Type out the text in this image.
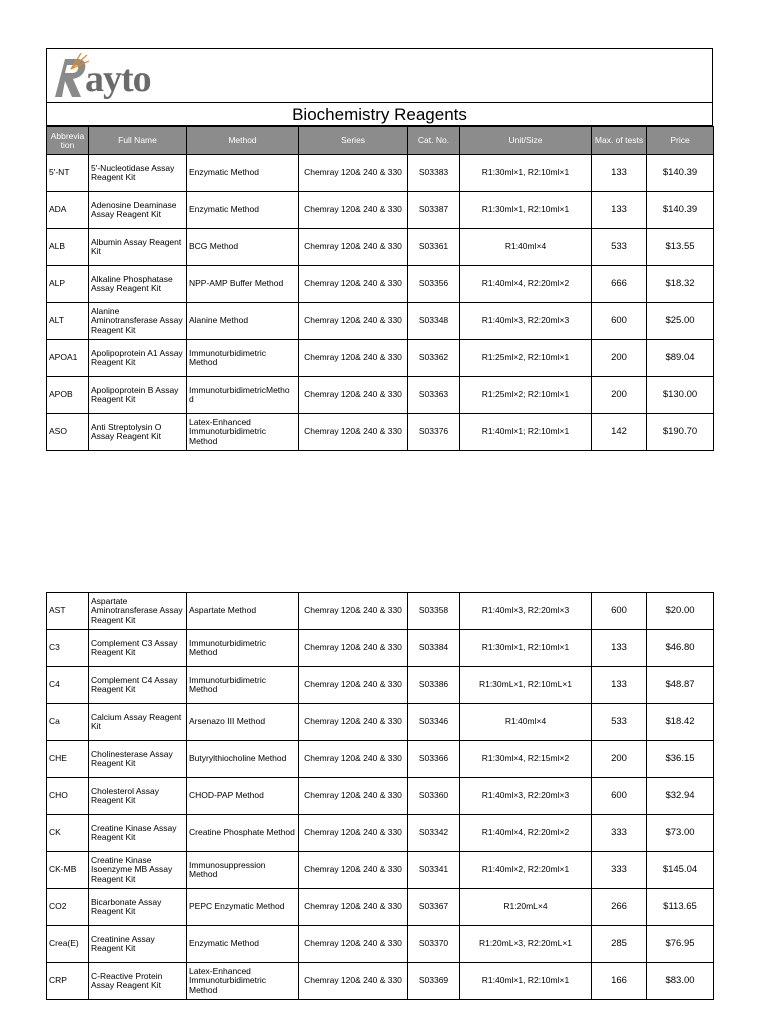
ayto
Biochemistry Reagents
Abbrevia tion	Full Name	Method	Series	Cat. No.	Unit/Size	Max. of tests	Price
5'-NT	5'-Nucleotidase Assay Reagent Kit	Enzymatic Method	Chemray 120& 240 & 330	S03383	R1:30ml×1, R2:10ml×1	133	$140.39
ADA	Adenosine Deaminase Assay Reagent Kit	Enzymatic Method	Chemray 120& 240 & 330	S03387	R1:30ml×1, R2:10ml×1	133	$140.39
ALB	Albumin Assay Reagent Kit	BCG Method	Chemray 120& 240 & 330	S03361	R1:40ml×4	533	$13.55
ALP	Alkaline Phosphatase Assay Reagent Kit	NPP-AMP Buffer Method	Chemray 120& 240 & 330	S03356	R1:40ml×4, R2:20ml×2	666	$18.32
ALT	Alanine Aminotransferase Assay Reagent Kit	Alanine Method	Chemray 120& 240 & 330	S03348	R1:40ml×3, R2:20ml×3	600	$25.00
APOA1	Apolipoprotein A1 Assay Reagent Kit	Immunoturbidimetric Method	Chemray 120& 240 & 330	S03362	R1:25ml×2, R2:10ml×1	200	$89.04
APOB	Apolipoprotein B Assay Reagent Kit	ImmunoturbidimetricMetho d	Chemray 120& 240 & 330	S03363	R1:25ml×2; R2:10ml×1	200	$130.00
ASO	Anti Streptolysin O Assay Reagent Kit	Latex-Enhanced Immunoturbidimetric Method	Chemray 120& 240 & 330	S03376	R1:40ml×1; R2:10ml×1	142	$190.70
AST	Aspartate Aminotransferase Assay Reagent Kit	Aspartate Method	Chemray 120& 240 & 330	S03358	R1:40ml×3, R2:20ml×3	600	$20.00
C3	Complement C3 Assay Reagent Kit	Immunoturbidimetric Method	Chemray 120& 240 & 330	S03384	R1:30ml×1, R2:10ml×1	133	$46.80
C4	Complement C4 Assay Reagent Kit	Immunoturbidimetric Method	Chemray 120& 240 & 330	S03386	R1:30mL×1, R2:10mL×1	133	$48.87
Ca	Calcium Assay Reagent Kit	Arsenazo III Method	Chemray 120& 240 & 330	S03346	R1:40ml×4	533	$18.42
CHE	Cholinesterase Assay Reagent Kit	Butyrylthiocholine Method	Chemray 120& 240 & 330	S03366	R1:30ml×4, R2:15ml×2	200	$36.15
CHO	Cholesterol Assay Reagent Kit	CHOD-PAP Method	Chemray 120& 240 & 330	S03360	R1:40ml×3, R2:20ml×3	600	$32.94
CK	Creatine Kinase Assay Reagent Kit	Creatine Phosphate Method	Chemray 120& 240 & 330	S03342	R1:40ml×4, R2:20ml×2	333	$73.00
CK-MB	Creatine Kinase Isoenzyme MB Assay Reagent Kit	Immunosuppression Method	Chemray 120& 240 & 330	S03341	R1:40ml×2, R2:20ml×1	333	$145.04
CO2	Bicarbonate Assay Reagent Kit	PEPC Enzymatic Method	Chemray 120& 240 & 330	S03367	R1:20mL×4	266	$113.65
Crea(E)	Creatinine Assay Reagent Kit	Enzymatic Method	Chemray 120& 240 & 330	S03370	R1:20mL×3, R2:20mL×1	285	$76.95
CRP	C-Reactive Protein Assay Reagent Kit	Latex-Enhanced Immunoturbidimetric Method	Chemray 120& 240 & 330	S03369	R1:40ml×1, R2:10ml×1	166	$83.00
